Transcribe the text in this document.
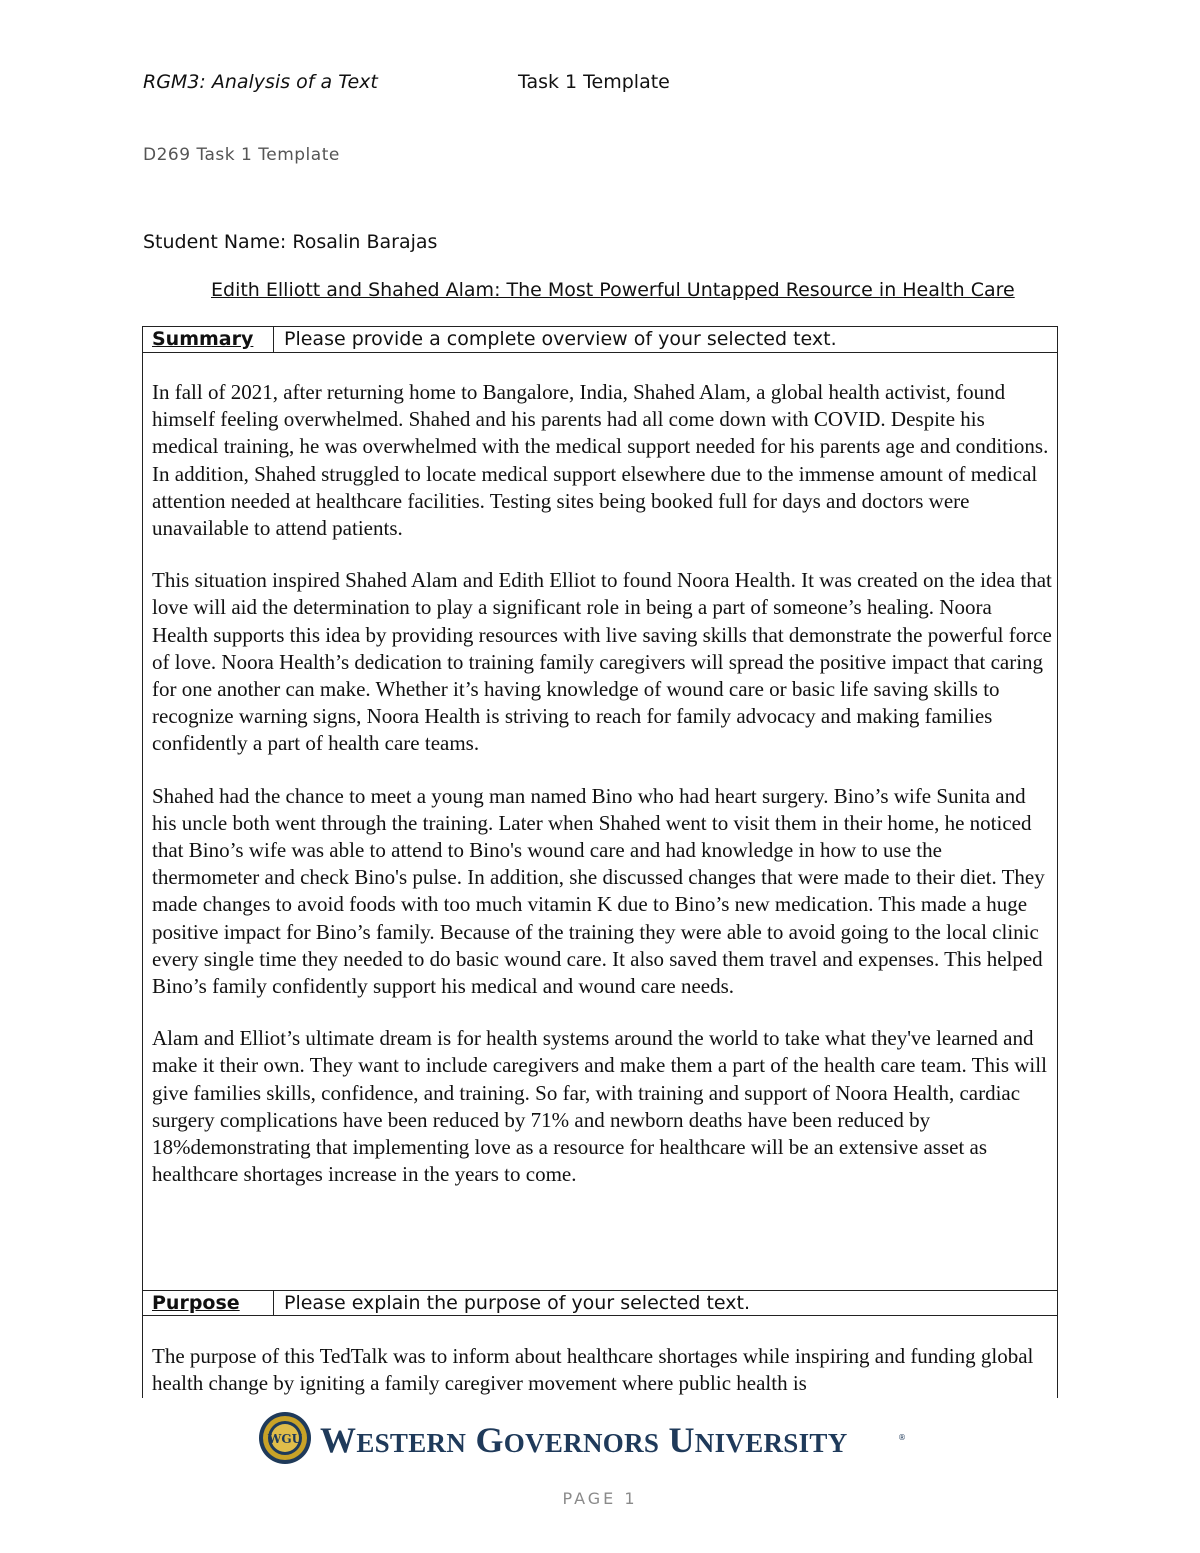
RGM3: Analysis of a Text	Task 1 Template
D269 Task 1 Template
Student Name: Rosalin Barajas
Edith Elliott and Shahed Alam: The Most Powerful Untapped Resource in Health Care
Summary Please provide a complete overview of your selected text.

In fall of 2021, after returning home to Bangalore, India, Shahed Alam, a global health activist, found himself feeling overwhelmed. Shahed and his parents had all come down with COVID. Despite his medical training, he was overwhelmed with the medical support needed for his parents age and conditions. In addition, Shahed struggled to locate medical support elsewhere due to the immense amount of medical attention needed at healthcare facilities. Testing sites being booked full for days and doctors were unavailable to attend patients.

This situation inspired Shahed Alam and Edith Elliot to found Noora Health. It was created on the idea that love will aid the determination to play a significant role in being a part of someone’s healing. Noora Health supports this idea by providing resources with live saving skills that demonstrate the powerful force of love. Noora Health’s dedication to training family caregivers will spread the positive impact that caring for one another can make. Whether it’s having knowledge of wound care or basic life saving skills to recognize warning signs, Noora Health is striving to reach for family advocacy and making families confidently a part of health care teams.

Shahed had the chance to meet a young man named Bino who had heart surgery. Bino’s wife Sunita and his uncle both went through the training. Later when Shahed went to visit them in their home, he noticed that Bino’s wife was able to attend to Bino's wound care and had knowledge in how to use the thermometer and check Bino's pulse. In addition, she discussed changes that were made to their diet. They made changes to avoid foods with too much vitamin K due to Bino’s new medication. This made a huge positive impact for Bino’s family. Because of the training they were able to avoid going to the local clinic every single time they needed to do basic wound care. It also saved them travel and expenses. This helped Bino’s family confidently support his medical and wound care needs.

Alam and Elliot’s ultimate dream is for health systems around the world to take what they've learned and make it their own. They want to include caregivers and make them a part of the health care team. This will give families skills, confidence, and training. So far, with training and support of Noora Health, cardiac surgery complications have been reduced by 71% and newborn deaths have been reduced by 18%demonstrating that implementing love as a resource for healthcare will be an extensive asset as healthcare shortages increase in the years to come.

Purpose Please explain the purpose of your selected text.

The purpose of this TedTalk was to inform about healthcare shortages while inspiring and funding global health change by igniting a family caregiver movement where public health is

WGU WESTERN GOVERNORS UNIVERSITY	®
PAGE 1
